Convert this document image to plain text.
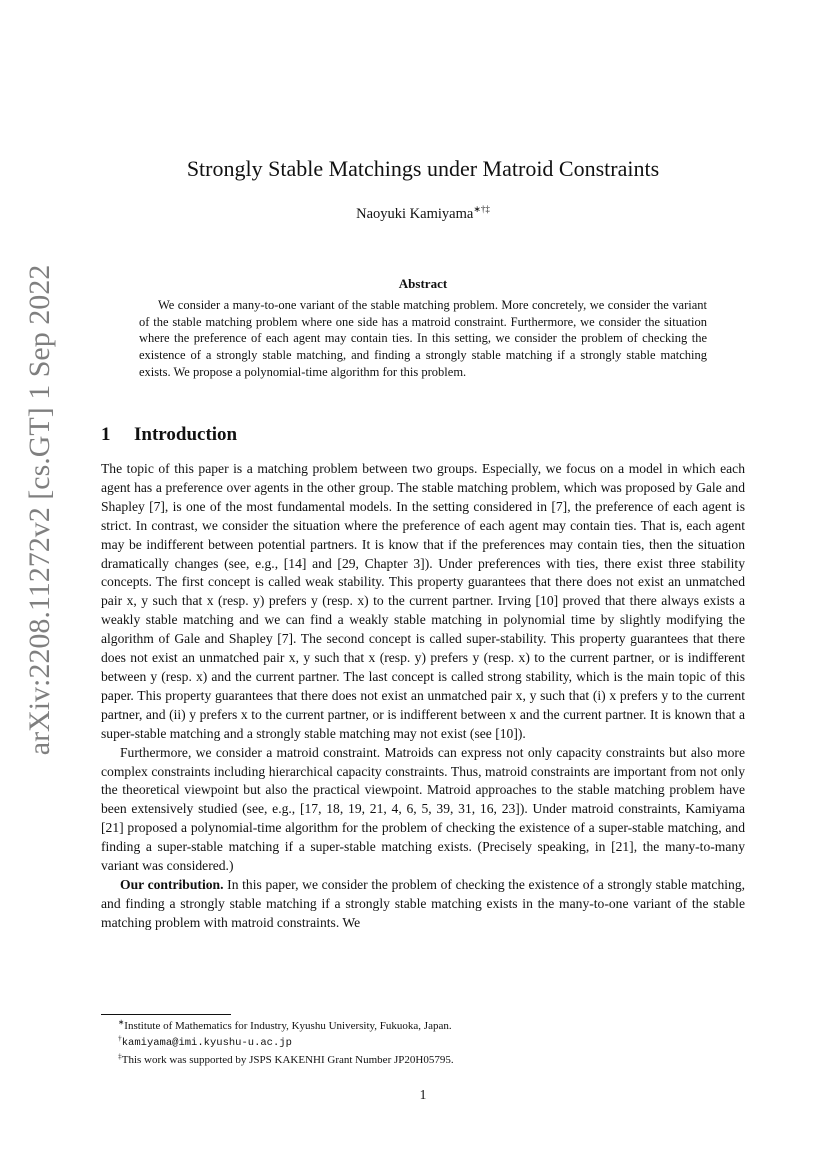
arXiv:2208.11272v2 [cs.GT] 1 Sep 2022
Strongly Stable Matchings under Matroid Constraints
Naoyuki Kamiyama∗†‡
Abstract
We consider a many-to-one variant of the stable matching problem. More concretely, we consider the variant of the stable matching problem where one side has a matroid constraint. Furthermore, we consider the situation where the preference of each agent may contain ties. In this setting, we consider the problem of checking the existence of a strongly stable matching, and finding a strongly stable matching if a strongly stable matching exists. We propose a polynomial-time algorithm for this problem.
1 Introduction

The topic of this paper is a matching problem between two groups. Especially, we focus on a model in which each agent has a preference over agents in the other group. The stable matching problem, which was proposed by Gale and Shapley [7], is one of the most fundamental models. In the setting considered in [7], the preference of each agent is strict. In contrast, we consider the situation where the preference of each agent may contain ties. That is, each agent may be indifferent between potential partners. It is know that if the preferences may contain ties, then the situation dramatically changes (see, e.g., [14] and [29, Chapter 3]). Under preferences with ties, there exist three stability concepts. The first concept is called weak stability. This property guarantees that there does not exist an unmatched pair x, y such that x (resp. y) prefers y (resp. x) to the current partner. Irving [10] proved that there always exists a weakly stable matching and we can find a weakly stable matching in polynomial time by slightly modifying the algorithm of Gale and Shapley [7]. The second concept is called super-stability. This property guarantees that there does not exist an unmatched pair x, y such that x (resp. y) prefers y (resp. x) to the current partner, or is indifferent between y (resp. x) and the current partner. The last concept is called strong stability, which is the main topic of this paper. This property guarantees that there does not exist an unmatched pair x, y such that (i) x prefers y to the current partner, and (ii) y prefers x to the current partner, or is indifferent between x and the current partner. It is known that a super-stable matching and a strongly stable matching may not exist (see [10]).

Furthermore, we consider a matroid constraint. Matroids can express not only capacity constraints but also more complex constraints including hierarchical capacity constraints. Thus, matroid constraints are important from not only the theoretical viewpoint but also the practical viewpoint. Matroid approaches to the stable matching problem have been extensively studied (see, e.g., [17, 18, 19, 21, 4, 6, 5, 39, 31, 16, 23]). Under matroid constraints, Kamiyama [21] proposed a polynomial-time algorithm for the problem of checking the existence of a super-stable matching, and finding a super-stable matching if a super-stable matching exists. (Precisely speaking, in [21], the many-to-many variant was considered.)

Our contribution. In this paper, we consider the problem of checking the existence of a strongly stable matching, and finding a strongly stable matching if a strongly stable matching exists in the many-to-one variant of the stable matching problem with matroid constraints. We

∗Institute of Mathematics for Industry, Kyushu University, Fukuoka, Japan.
†kamiyama@imi.kyushu-u.ac.jp
‡This work was supported by JSPS KAKENHI Grant Number JP20H05795.
1
